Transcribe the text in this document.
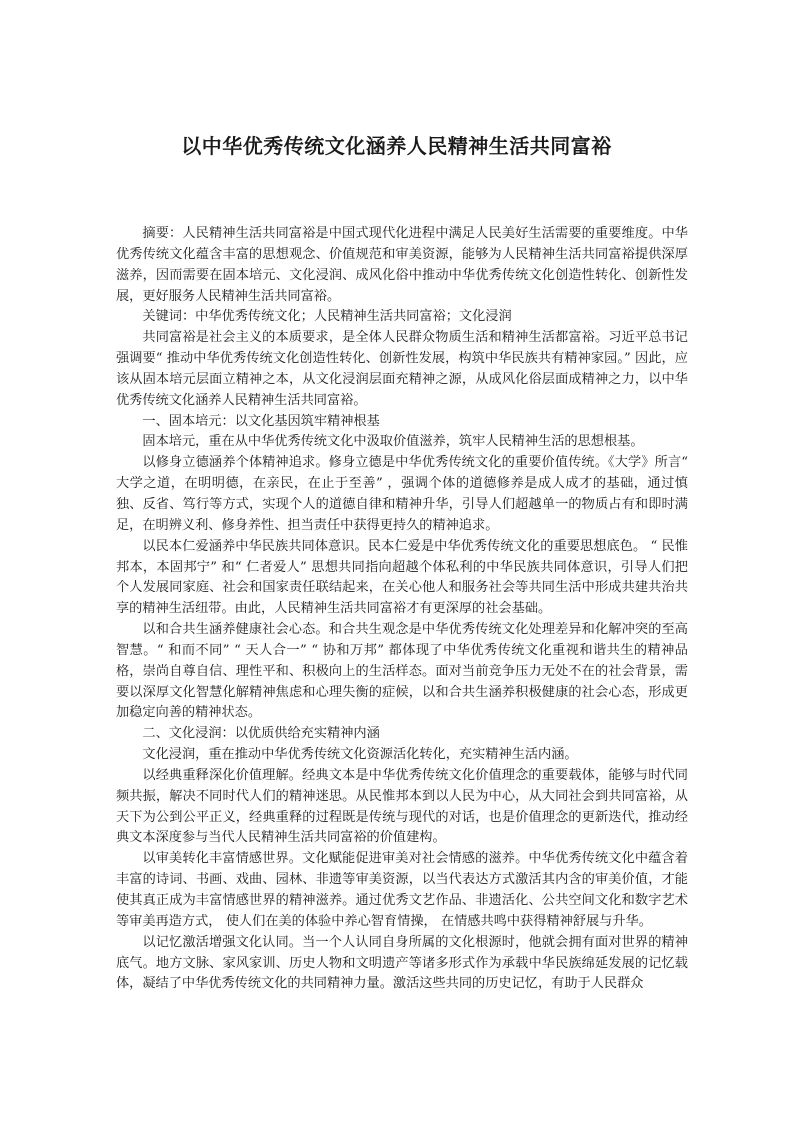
以中华优秀传统文化涵养人民精神生活共同富裕

摘要：人民精神生活共同富裕是中国式现代化进程中满足人民美好生活需要的重要维度。中华优秀传统文化蕴含丰富的思想观念、价值规范和审美资源，能够为人民精神生活共同富裕提供深厚滋养，因而需要在固本培元、文化浸润、成风化俗中推动中华优秀传统文化创造性转化、创新性发展，更好服务人民精神生活共同富裕。

关键词：中华优秀传统文化；人民精神生活共同富裕；文化浸润

共同富裕是社会主义的本质要求，是全体人民群众物质生活和精神生活都富裕。习近平总书记强调要“ 推动中华优秀传统文化创造性转化、创新性发展，构筑中华民族共有精神家园。” 因此，应该从固本培元层面立精神之本，从文化浸润层面充精神之源，从成风化俗层面成精神之力，以中华优秀传统文化涵养人民精神生活共同富裕。

一、固本培元：以文化基因筑牢精神根基

固本培元，重在从中华优秀传统文化中汲取价值滋养，筑牢人民精神生活的思想根基。

以修身立德涵养个体精神追求。修身立德是中华优秀传统文化的重要价值传统。《大学》所言“ 大学之道，在明明德，在亲民，在止于至善” ，强调个体的道德修养是成人成才的基础，通过慎独、反省、笃行等方式，实现个人的道德自律和精神升华，引导人们超越单一的物质占有和即时满足，在明辨义利、修身养性、担当责任中获得更持久的精神追求。

以民本仁爱涵养中华民族共同体意识。民本仁爱是中华优秀传统文化的重要思想底色。 “ 民惟邦本，本固邦宁” 和“ 仁者爱人” 思想共同指向超越个体私利的中华民族共同体意识，引导人们把个人发展同家庭、社会和国家责任联结起来，在关心他人和服务社会等共同生活中形成共建共治共享的精神生活纽带。由此，人民精神生活共同富裕才有更深厚的社会基础。

以和合共生涵养健康社会心态。和合共生观念是中华优秀传统文化处理差异和化解冲突的至高智慧。“ 和而不同” “ 天人合一” “ 协和万邦” 都体现了中华优秀传统文化重视和谐共生的精神品格，崇尚自尊自信、理性平和、积极向上的生活样态。面对当前竞争压力无处不在的社会背景，需要以深厚文化智慧化解精神焦虑和心理失衡的症候，以和合共生涵养积极健康的社会心态，形成更加稳定向善的精神状态。

二、文化浸润：以优质供给充实精神内涵

文化浸润，重在推动中华优秀传统文化资源活化转化，充实精神生活内涵。

以经典重释深化价值理解。经典文本是中华优秀传统文化价值理念的重要载体，能够与时代同频共振，解决不同时代人们的精神迷思。从民惟邦本到以人民为中心，从大同社会到共同富裕，从天下为公到公平正义，经典重释的过程既是传统与现代的对话，也是价值理念的更新迭代，推动经典文本深度参与当代人民精神生活共同富裕的价值建构。

以审美转化丰富情感世界。文化赋能促进审美对社会情感的滋养。中华优秀传统文化中蕴含着丰富的诗词、书画、戏曲、园林、非遗等审美资源，以当代表达方式激活其内含的审美价值，才能使其真正成为丰富情感世界的精神滋养。通过优秀文艺作品、非遗活化、公共空间文化和数字艺术等审美再造方式， 使人们在美的体验中养心智育情操， 在情感共鸣中获得精神舒展与升华。

以记忆激活增强文化认同。当一个人认同自身所属的文化根源时，他就会拥有面对世界的精神底气。地方文脉、家风家训、历史人物和文明遗产等诸多形式作为承载中华民族绵延发展的记忆载体，凝结了中华优秀传统文化的共同精神力量。激活这些共同的历史记忆，有助于人民群众
